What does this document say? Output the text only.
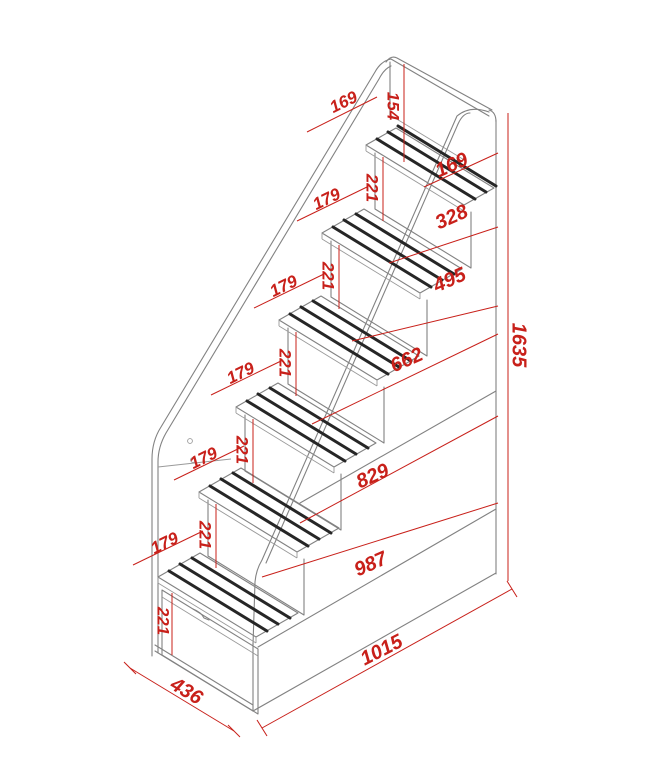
154
169
179
179
179
179
179
221
221
221
221
221
221
169
328
495
662
829
987
1635
1015
436
